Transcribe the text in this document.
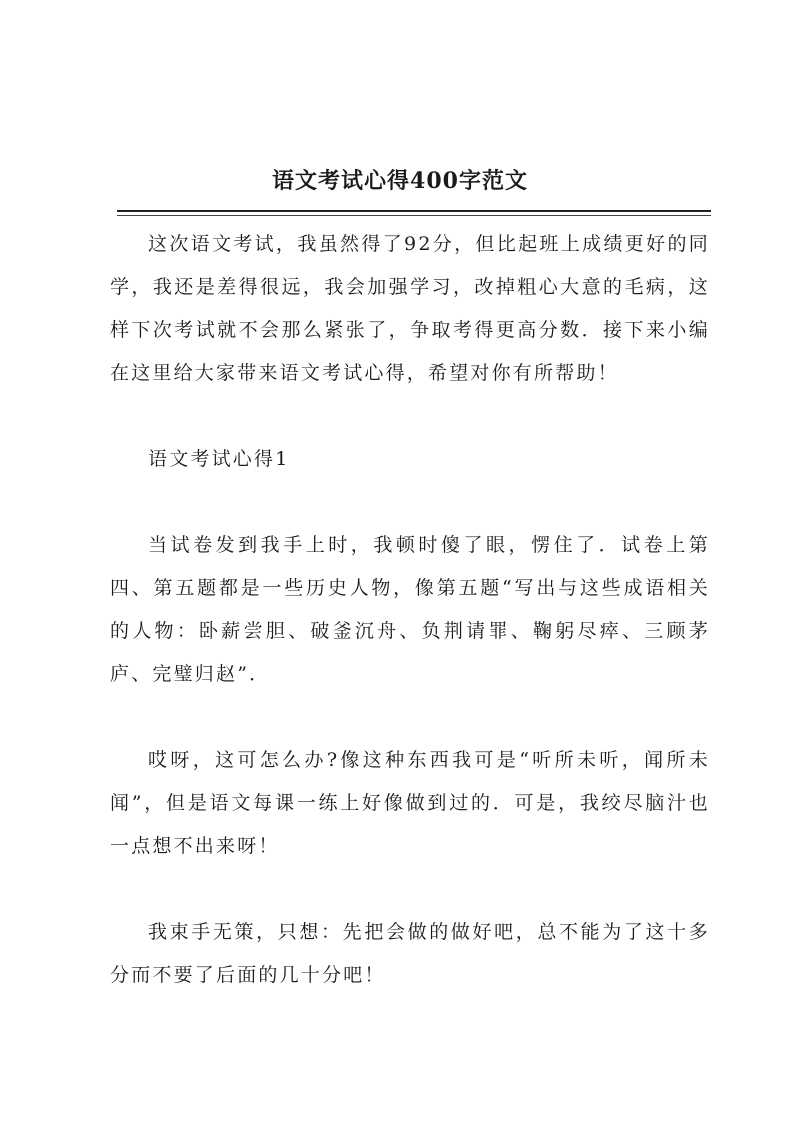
语文考试心得400字范文

这次语文考试，我虽然得了92分，但比起班上成绩更好的同学，我还是差得很远，我会加强学习，改掉粗心大意的毛病，这样下次考试就不会那么紧张了，争取考得更高分数．接下来小编在这里给大家带来语文考试心得，希望对你有所帮助！

语文考试心得1

当试卷发到我手上时，我顿时傻了眼，愣住了．试卷上第四、第五题都是一些历史人物，像第五题“写出与这些成语相关的人物：卧薪尝胆、破釜沉舟、负荆请罪、鞠躬尽瘁、三顾茅庐、完璧归赵”．

哎呀，这可怎么办?像这种东西我可是“听所未听，闻所未闻”，但是语文每课一练上好像做到过的．可是，我绞尽脑汁也一点想不出来呀！

我束手无策，只想：先把会做的做好吧，总不能为了这十多分而不要了后面的几十分吧！
